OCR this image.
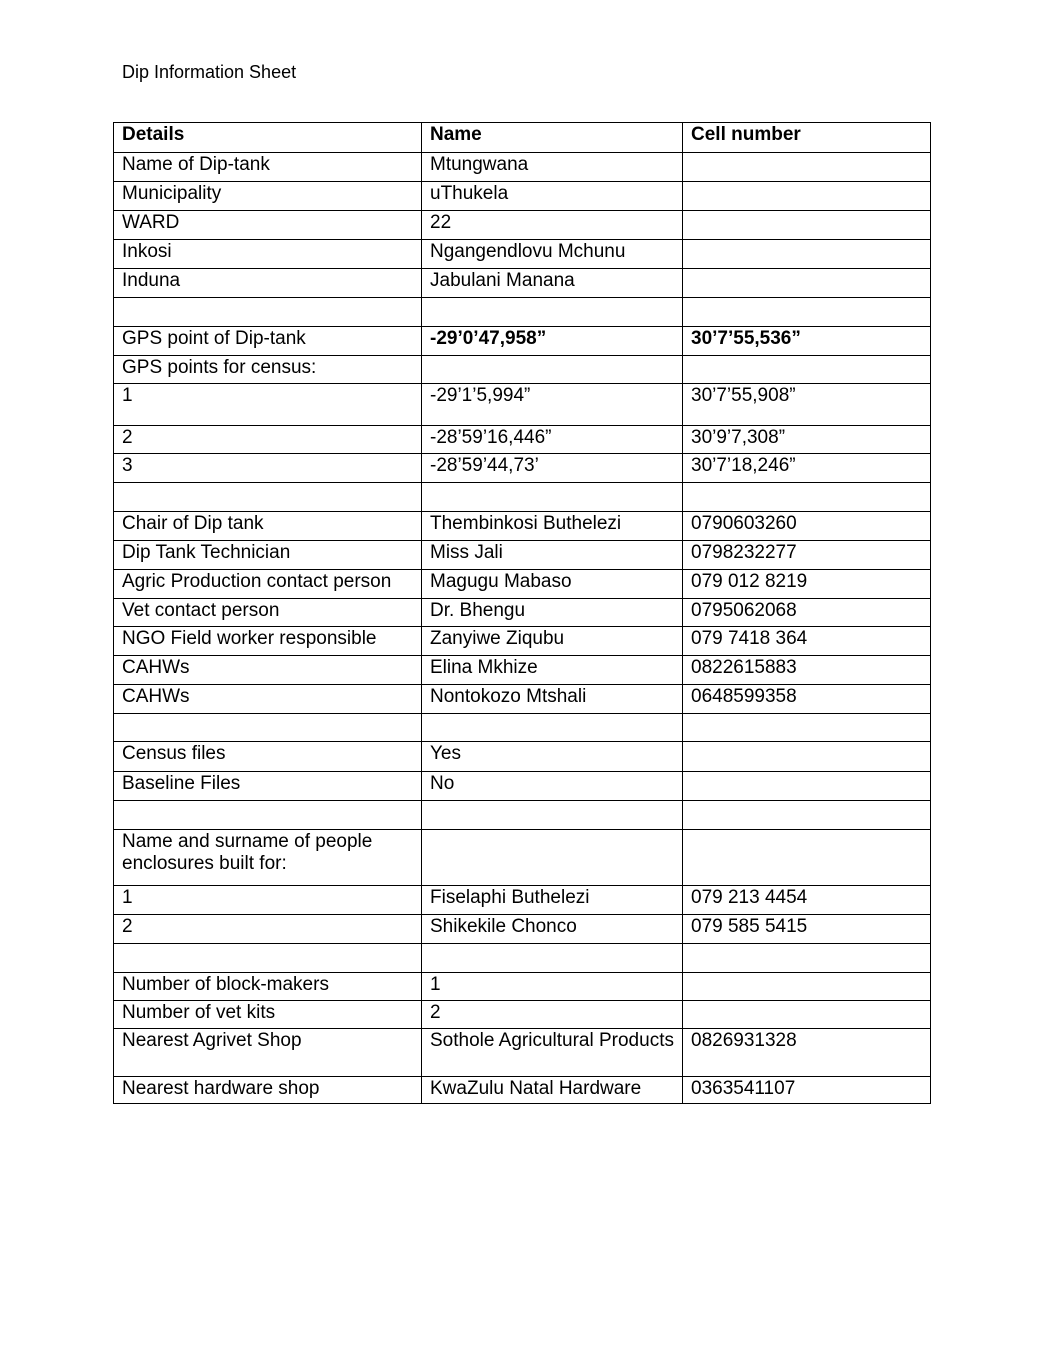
Dip Information Sheet
Details	Name	Cell number
Name of Dip-tank	Mtungwana	
Municipality	uThukela	
WARD	22	
Inkosi	Ngangendlovu Mchunu	
Induna	Jabulani Manana	

GPS point of Dip-tank	-29’0’47,958”	30’7’55,536”
GPS points for census:		
1	-29’1’5,994”	30’7’55,908”
2	-28’59’16,446”	30’9’7,308”
3	-28’59’44,73’	30’7’18,246”

Chair of Dip tank	Thembinkosi Buthelezi	0790603260
Dip Tank Technician	Miss Jali	0798232277
Agric Production contact person	Magugu Mabaso	079 012 8219
Vet contact person	Dr. Bhengu	0795062068
NGO Field worker responsible	Zanyiwe Ziqubu	079 7418 364
CAHWs	Elina Mkhize	0822615883
CAHWs	Nontokozo Mtshali	0648599358

Census files	Yes	
Baseline Files	No	

Name and surname of people enclosures built for:		
1	Fiselaphi Buthelezi	079 213 4454
2	Shikekile Chonco	079 585 5415

Number of block-makers	1	
Number of vet kits	2	
Nearest Agrivet Shop	Sothole Agricultural Products	0826931328
Nearest hardware shop	KwaZulu Natal Hardware	0363541107
